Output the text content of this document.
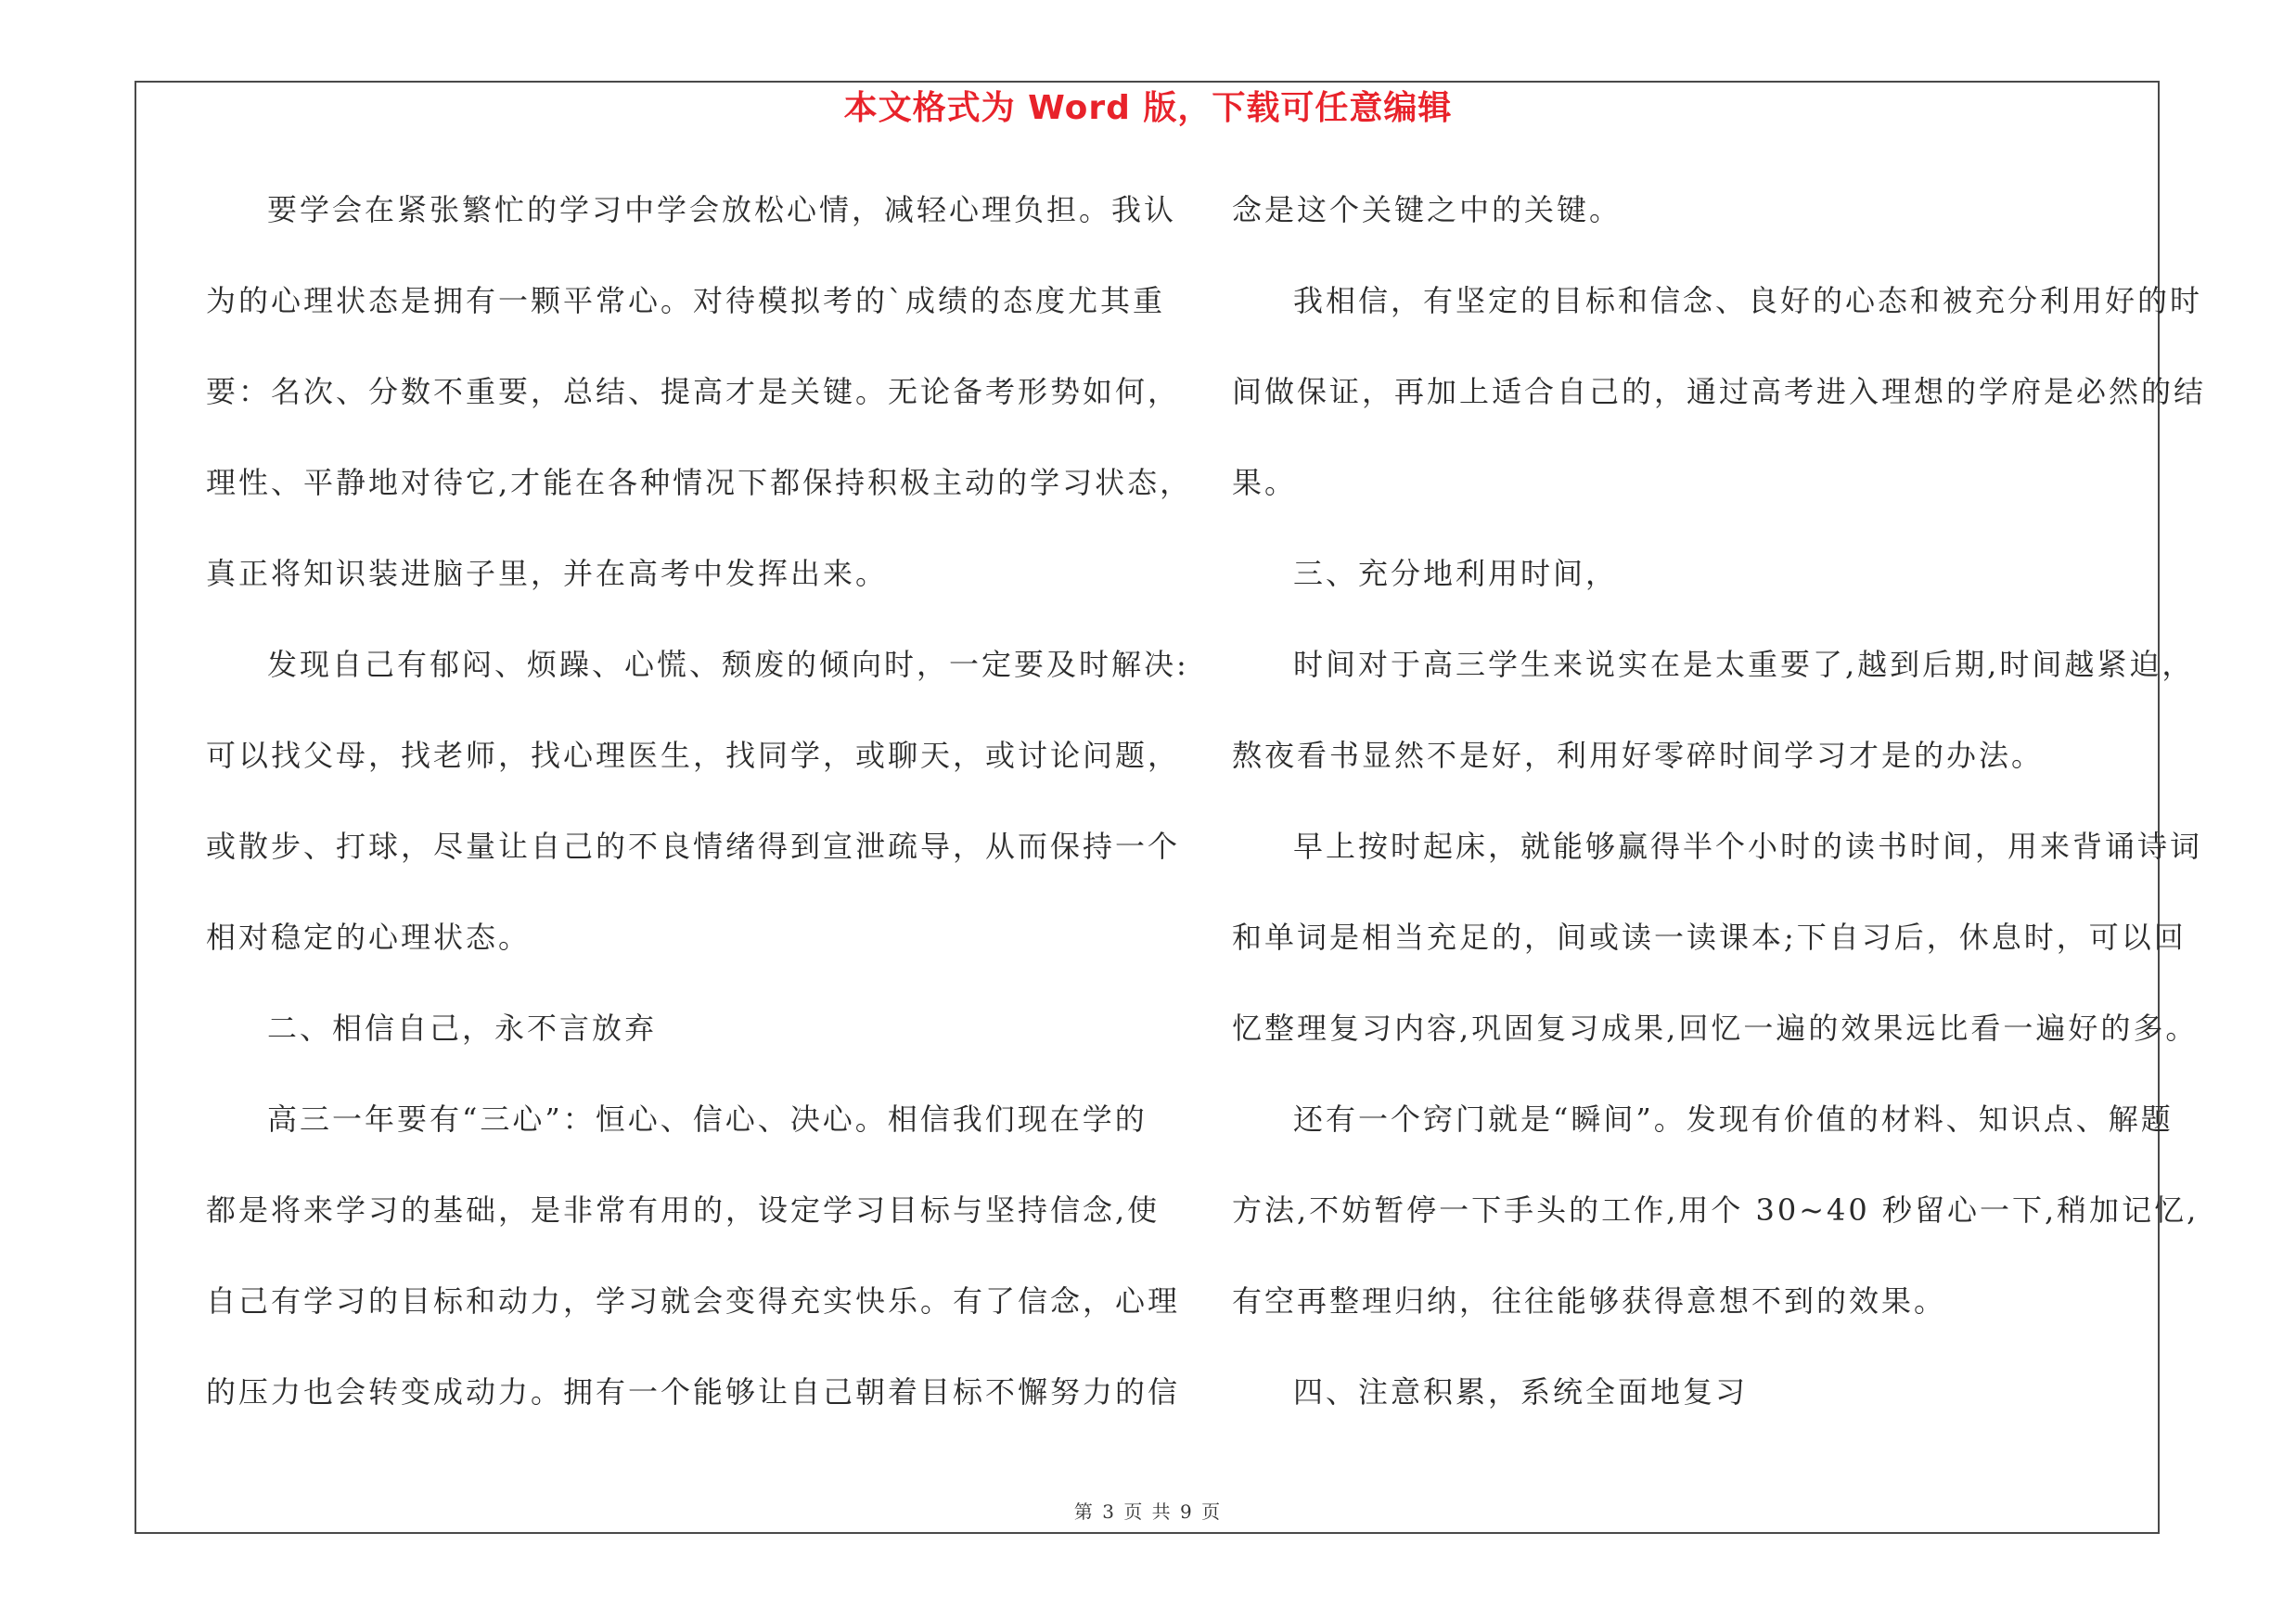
本文格式为 Word 版，下载可任意编辑
要学会在紧张繁忙的学习中学会放松心情，减轻心理负担。我认
为的心理状态是拥有一颗平常心。对待模拟考的`成绩的态度尤其重
要：名次、分数不重要，总结、提高才是关键。无论备考形势如何，
理性、平静地对待它,才能在各种情况下都保持积极主动的学习状态，
真正将知识装进脑子里，并在高考中发挥出来。
发现自己有郁闷、烦躁、心慌、颓废的倾向时，一定要及时解决:
可以找父母，找老师，找心理医生，找同学，或聊天，或讨论问题，
或散步、打球，尽量让自己的不良情绪得到宣泄疏导，从而保持一个
相对稳定的心理状态。
二、相信自己，永不言放弃
高三一年要有“三心”：恒心、信心、决心。相信我们现在学的
都是将来学习的基础，是非常有用的，设定学习目标与坚持信念,使
自己有学习的目标和动力，学习就会变得充实快乐。有了信念，心理
的压力也会转变成动力。拥有一个能够让自己朝着目标不懈努力的信
念是这个关键之中的关键。
我相信，有坚定的目标和信念、良好的心态和被充分利用好的时
间做保证，再加上适合自己的，通过高考进入理想的学府是必然的结
果。
三、充分地利用时间，
时间对于高三学生来说实在是太重要了,越到后期,时间越紧迫，
熬夜看书显然不是好，利用好零碎时间学习才是的办法。
早上按时起床，就能够赢得半个小时的读书时间，用来背诵诗词
和单词是相当充足的，间或读一读课本;下自习后，休息时，可以回
忆整理复习内容,巩固复习成果,回忆一遍的效果远比看一遍好的多。
还有一个窍门就是“瞬间”。发现有价值的材料、知识点、解题
方法,不妨暂停一下手头的工作,用个 30~40 秒留心一下,稍加记忆,
有空再整理归纳，往往能够获得意想不到的效果。
四、注意积累，系统全面地复习
第 3 页 共 9 页
